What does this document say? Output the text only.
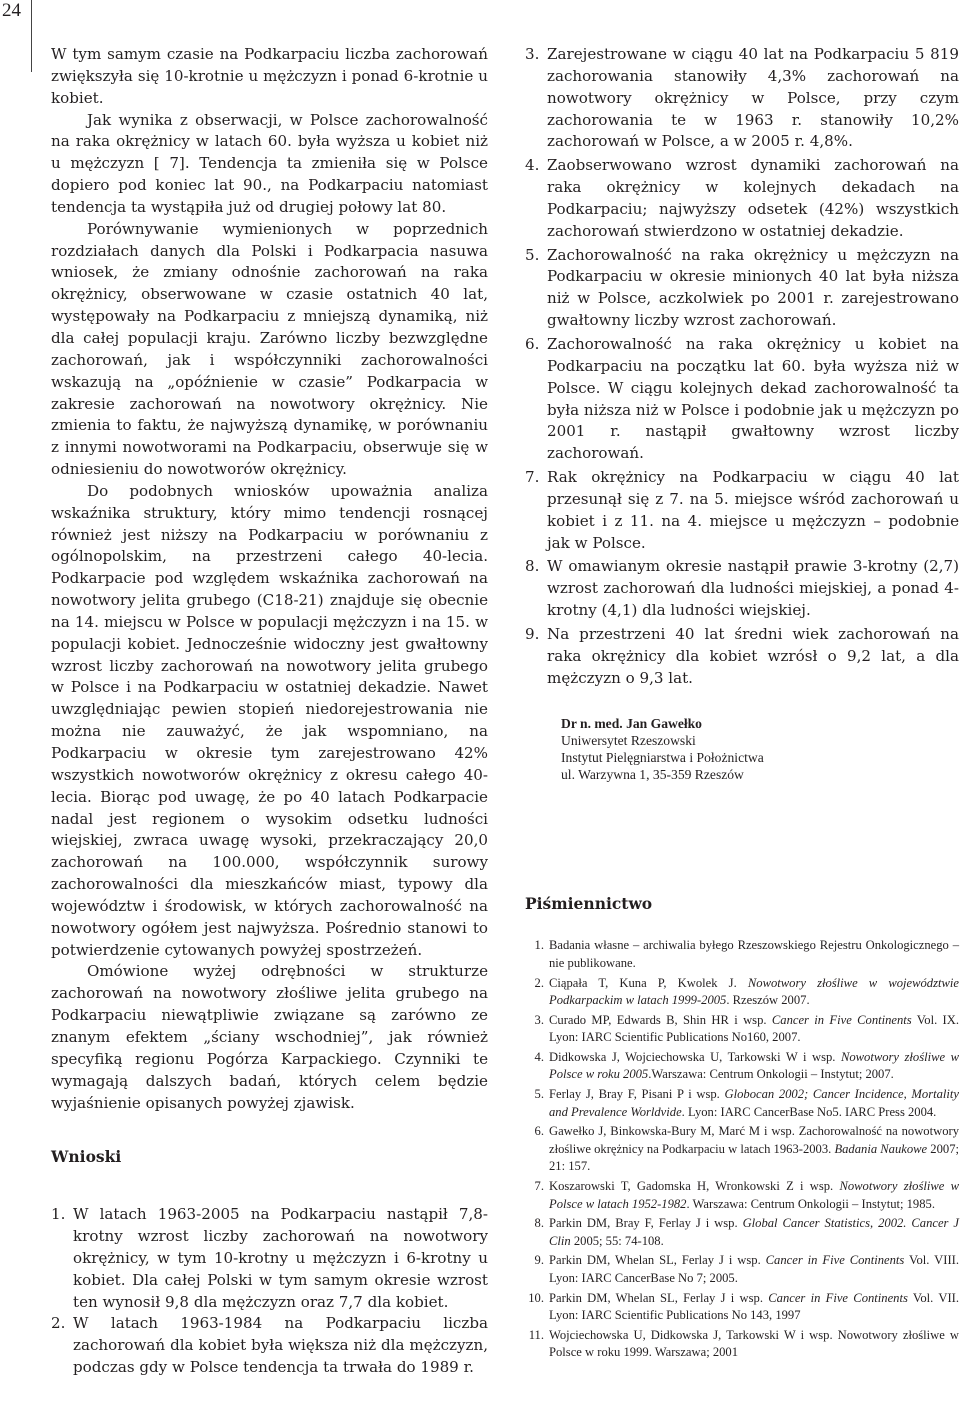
24

W tym samym czasie na Podkarpaciu liczba zachorowań zwiększyła się 10-krotnie u mężczyzn i ponad 6-krotnie u kobiet.

Jak wynika z obserwacji, w Polsce zachorowalność na raka okrężnicy w latach 60. była wyższa u kobiet niż u mężczyzn [ 7]. Tendencja ta zmieniła się w Polsce dopiero pod koniec lat 90., na Podkarpaciu natomiast tendencja ta wystąpiła już od drugiej połowy lat 80.

Porównywanie wymienionych w poprzednich rozdziałach danych dla Polski i Podkarpacia nasuwa wniosek, że zmiany odnośnie zachorowań na raka okrężnicy, obserwowane w czasie ostatnich 40 lat, występowały na Podkarpaciu z mniejszą dynamiką, niż dla całej populacji kraju. Zarówno liczby bezwzględne zachorowań, jak i współczynniki zachorowalności wskazują na „opóźnienie w czasie” Podkarpacia w zakresie zachorowań na nowotwory okrężnicy. Nie zmienia to faktu, że najwyższą dynamikę, w porównaniu z innymi nowotworami na Podkarpaciu, obserwuje się w odniesieniu do nowotworów okrężnicy.

Do podobnych wniosków upoważnia analiza wskaźnika struktury, który mimo tendencji rosnącej również jest niższy na Podkarpaciu w porównaniu z ogólnopolskim, na przestrzeni całego 40-lecia. Podkarpacie pod względem wskaźnika zachorowań na nowotwory jelita grubego (C18-21) znajduje się obecnie na 14. miejscu w Polsce w populacji mężczyzn i na 15. w populacji kobiet. Jednocześnie widoczny jest gwałtowny wzrost liczby zachorowań na nowotwory jelita grubego w Polsce i na Podkarpaciu w ostatniej dekadzie. Nawet uwzględniając pewien stopień niedorejestrowania nie można nie zauważyć, że jak wspomniano, na Podkarpaciu w okresie tym zarejestrowano 42% wszystkich nowotworów okrężnicy z okresu całego 40-lecia. Biorąc pod uwagę, że po 40 latach Podkarpacie nadal jest regionem o wysokim odsetku ludności wiejskiej, zwraca uwagę wysoki, przekraczający 20,0 zachorowań na 100.000, współczynnik surowy zachorowalności dla mieszkańców miast, typowy dla województw i środowisk, w których zachorowalność na nowotwory ogółem jest najwyższa. Pośrednio stanowi to potwierdzenie cytowanych powyżej spostrzeżeń.

Omówione wyżej odrębności w strukturze zachorowań na nowotwory złośliwe jelita grubego na Podkarpaciu niewątpliwie związane są zarówno ze znanym efektem „ściany wschodniej”, jak również specyfiką regionu Pogórza Karpackiego. Czynniki te wymagają dalszych badań, których celem będzie wyjaśnienie opisanych powyżej zjawisk.

Wnioski

1. W latach 1963-2005 na Podkarpaciu nastąpił 7,8-krotny wzrost liczby zachorowań na nowotwory okrężnicy, w tym 10-krotny u mężczyzn i 6-krotny u kobiet. Dla całej Polski w tym samym okresie wzrost ten wynosił 9,8 dla mężczyzn oraz 7,7 dla kobiet.
2. W latach 1963-1984 na Podkarpaciu liczba zachorowań dla kobiet była większa niż dla mężczyzn, podczas gdy w Polsce tendencja ta trwała do 1989 r.
3. Zarejestrowane w ciągu 40 lat na Podkarpaciu 5 819 zachorowania stanowiły 4,3% zachorowań na nowotwory okrężnicy w Polsce, przy czym zachorowania te w 1963 r. stanowiły 10,2% zachorowań w Polsce, a w 2005 r. 4,8%.
4. Zaobserwowano wzrost dynamiki zachorowań na raka okrężnicy w kolejnych dekadach na Podkarpaciu; najwyższy odsetek (42%) wszystkich zachorowań stwierdzono w ostatniej dekadzie.
5. Zachorowalność na raka okrężnicy u mężczyzn na Podkarpaciu w okresie minionych 40 lat była niższa niż w Polsce, aczkolwiek po 2001 r. zarejestrowano gwałtowny liczby wzrost zachorowań.
6. Zachorowalność na raka okrężnicy u kobiet na Podkarpaciu na początku lat 60. była wyższa niż w Polsce. W ciągu kolejnych dekad zachorowalność ta była niższa niż w Polsce i podobnie jak u mężczyzn po 2001 r. nastąpił gwałtowny wzrost liczby zachorowań.
7. Rak okrężnicy na Podkarpaciu w ciągu 40 lat przesunął się z 7. na 5. miejsce wśród zachorowań u kobiet i z 11. na 4. miejsce u mężczyzn – podobnie jak w Polsce.
8. W omawianym okresie nastąpił prawie 3-krotny (2,7) wzrost zachorowań dla ludności miejskiej, a ponad 4-krotny (4,1) dla ludności wiejskiej.
9. Na przestrzeni 40 lat średni wiek zachorowań na raka okrężnicy dla kobiet wzrósł o 9,2 lat, a dla mężczyzn o 9,3 lat.
Dr n. med. Jan Gawełko
Uniwersytet Rzeszowski
Instytut Pielęgniarstwa i Położnictwa
ul. Warzywna 1, 35-359 Rzeszów

Piśmiennictwo

1. Badania własne – archiwalia byłego Rzeszowskiego Rejestru Onkologicznego – nie publikowane.
2. Ciąpała T, Kuna P, Kwolek J. Nowotwory złośliwe w województwie Podkarpackim w latach 1999-2005. Rzeszów 2007.
3. Curado MP, Edwards B, Shin HR i wsp. Cancer in Five Continents Vol. IX. Lyon: IARC Scientific Publications No160, 2007.
4. Didkowska J, Wojciechowska U, Tarkowski W i wsp. Nowotwory złośliwe w Polsce w roku 2005.Warszawa: Centrum Onkologii – Instytut; 2007.
5. Ferlay J, Bray F, Pisani P i wsp. Globocan 2002; Cancer Incidence, Mortality and Prevalence Worldvide. Lyon: IARC CancerBase No5. IARC Press 2004.
6. Gawełko J, Binkowska-Bury M, Marć M i wsp. Zachorowalność na nowotwory złośliwe okrężnicy na Podkarpaciu w latach 1963-2003. Badania Naukowe 2007; 21: 157.
7. Koszarowski T, Gadomska H, Wronkowski Z i wsp. Nowotwory złośliwe w Polsce w latach 1952-1982. Warszawa: Centrum Onkologii – Instytut; 1985.
8. Parkin DM, Bray F, Ferlay J i wsp. Global Cancer Statistics, 2002. Cancer J Clin 2005; 55: 74-108.
9. Parkin DM, Whelan SL, Ferlay J i wsp. Cancer in Five Continents Vol. VIII. Lyon: IARC CancerBase No 7; 2005.
10. Parkin DM, Whelan SL, Ferlay J i wsp. Cancer in Five Continents Vol. VII. Lyon: IARC Scientific Publications No 143, 1997
11. Wojciechowska U, Didkowska J, Tarkowski W i wsp. Nowotwory złośliwe w Polsce w roku 1999. Warszawa; 2001
